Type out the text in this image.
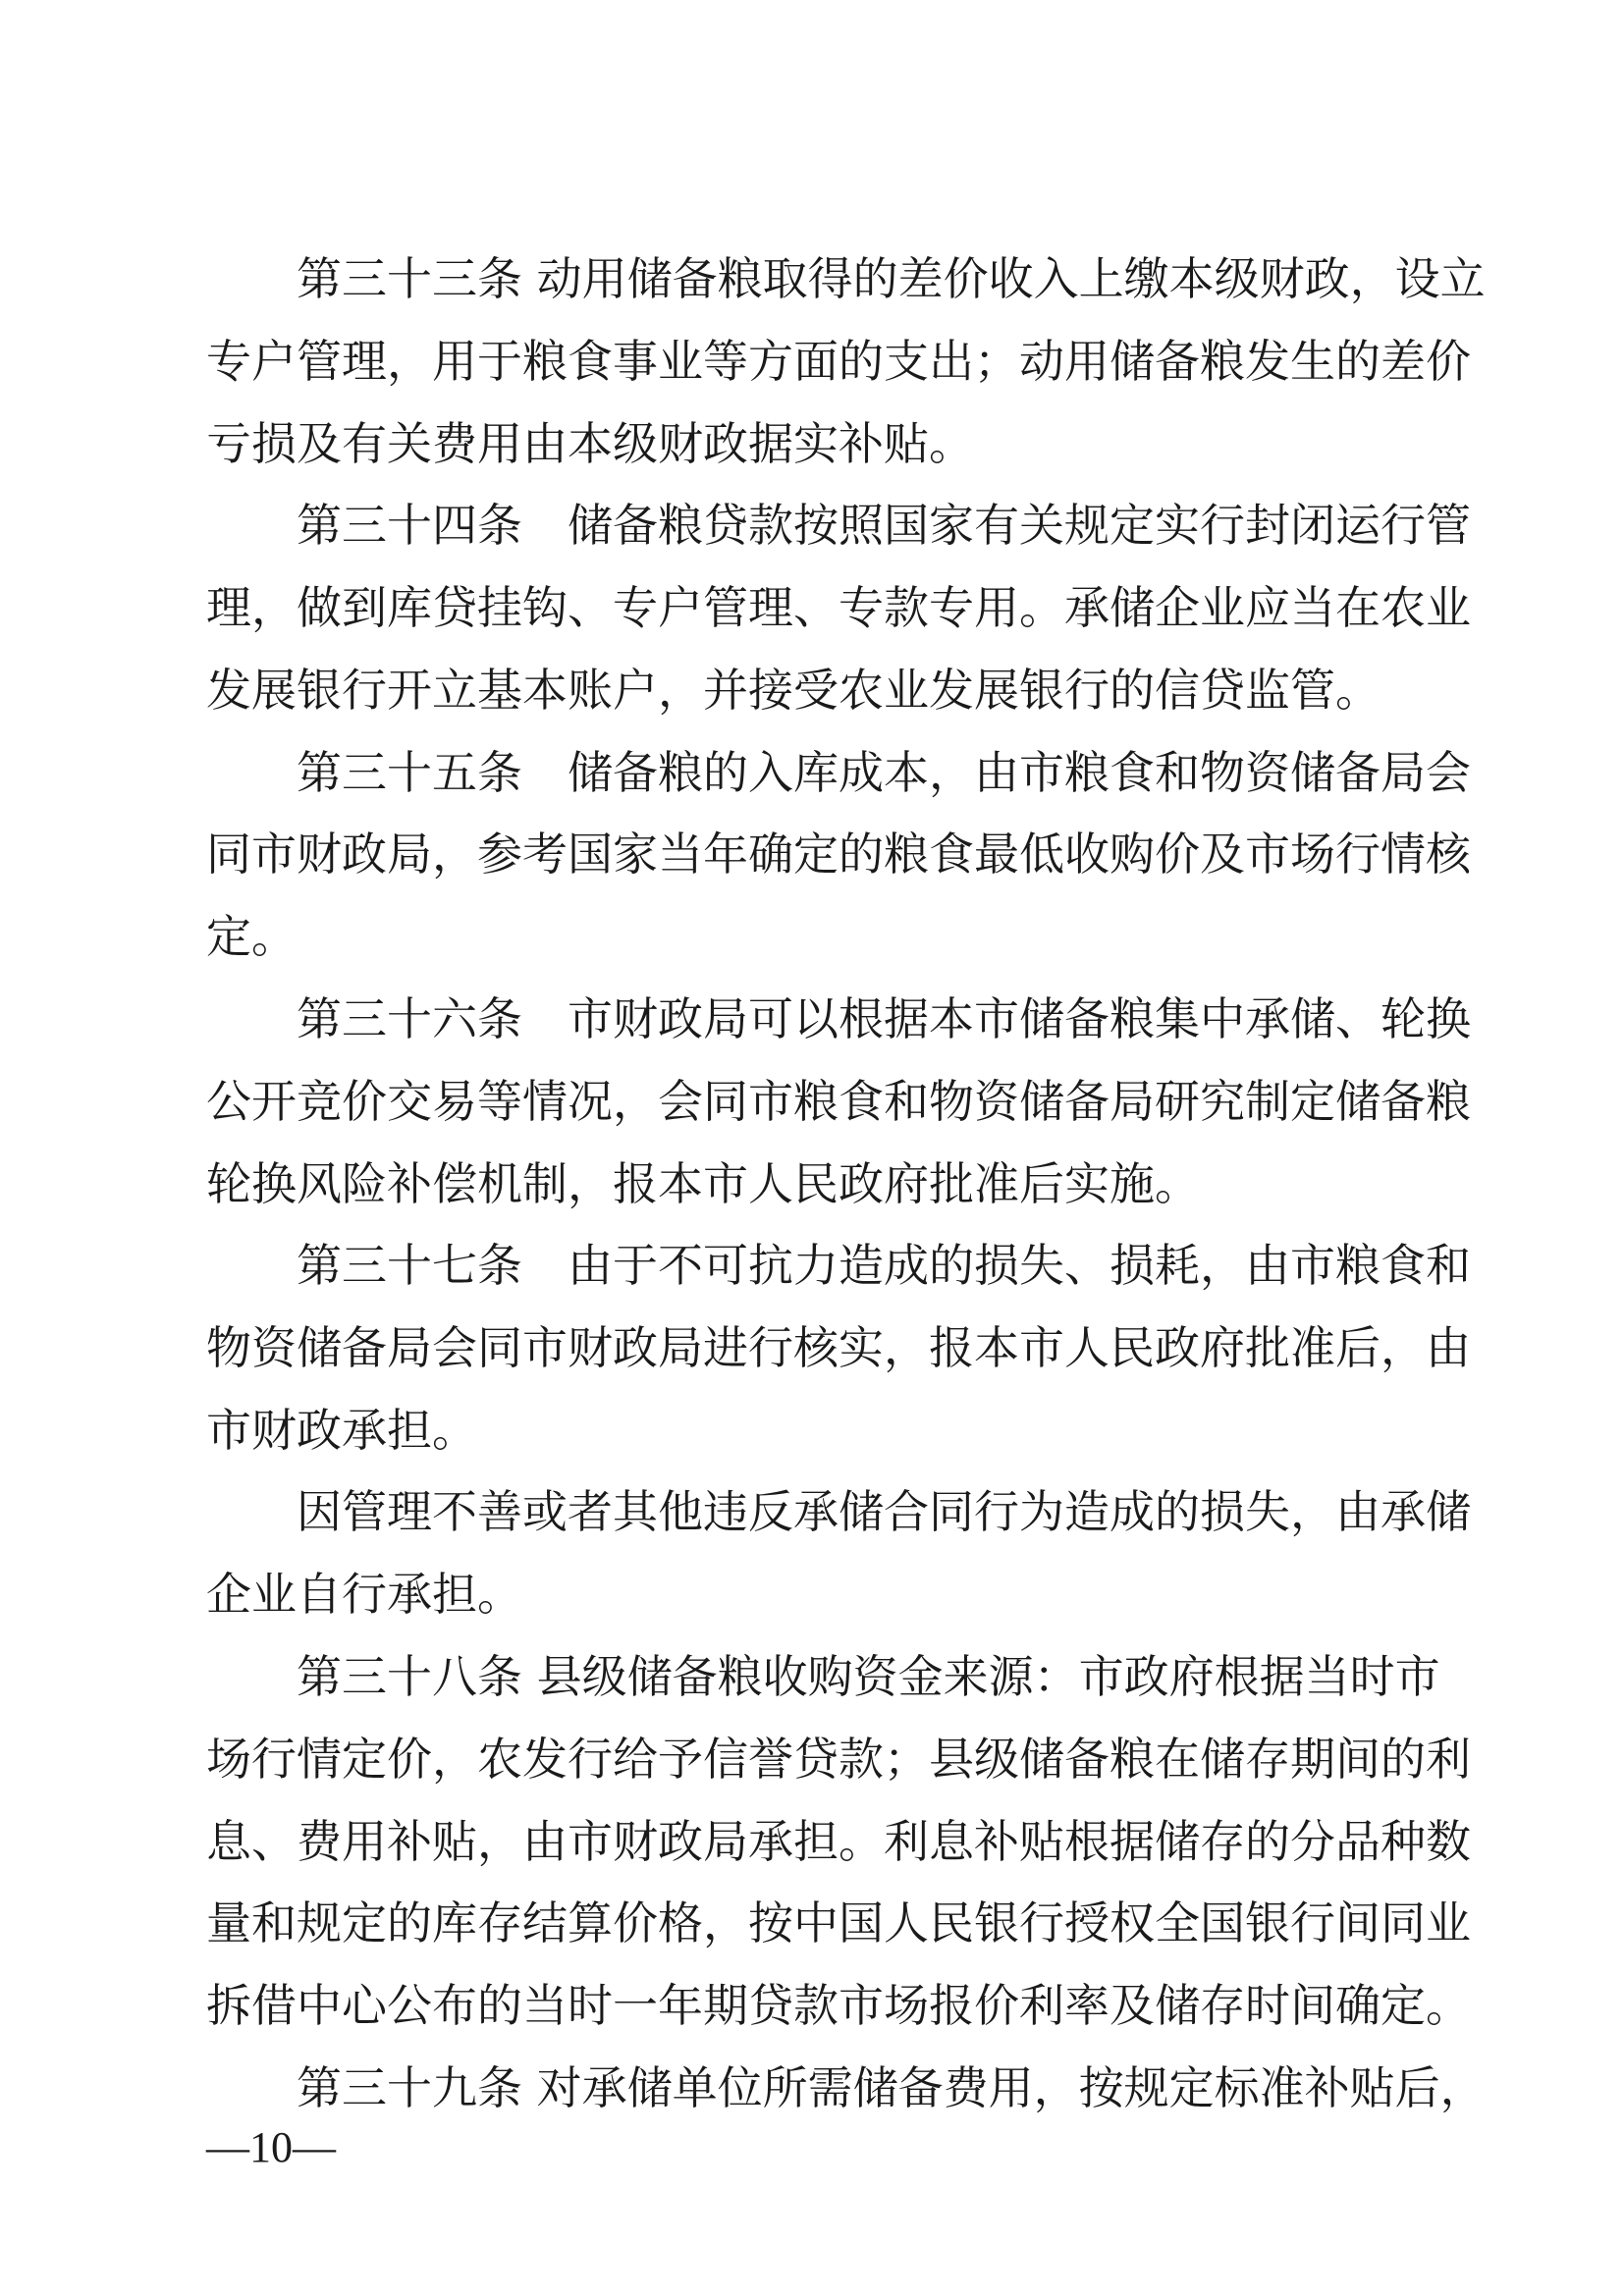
第三十三条 动用储备粮取得的差价收入上缴本级财政，设立
专户管理，用于粮食事业等方面的支出；动用储备粮发生的差价
亏损及有关费用由本级财政据实补贴。
第三十四条　储备粮贷款按照国家有关规定实行封闭运行管
理，做到库贷挂钩、专户管理、专款专用。承储企业应当在农业
发展银行开立基本账户，并接受农业发展银行的信贷监管。
第三十五条　储备粮的入库成本，由市粮食和物资储备局会
同市财政局，参考国家当年确定的粮食最低收购价及市场行情核
定。
第三十六条　市财政局可以根据本市储备粮集中承储、轮换
公开竞价交易等情况，会同市粮食和物资储备局研究制定储备粮
轮换风险补偿机制，报本市人民政府批准后实施。
第三十七条　由于不可抗力造成的损失、损耗，由市粮食和
物资储备局会同市财政局进行核实，报本市人民政府批准后，由
市财政承担。
因管理不善或者其他违反承储合同行为造成的损失，由承储
企业自行承担。
第三十八条 县级储备粮收购资金来源：市政府根据当时市
场行情定价，农发行给予信誉贷款；县级储备粮在储存期间的利
息、费用补贴，由市财政局承担。利息补贴根据储存的分品种数
量和规定的库存结算价格，按中国人民银行授权全国银行间同业
拆借中心公布的当时一年期贷款市场报价利率及储存时间确定。
第三十九条 对承储单位所需储备费用，按规定标准补贴后，
—10—
